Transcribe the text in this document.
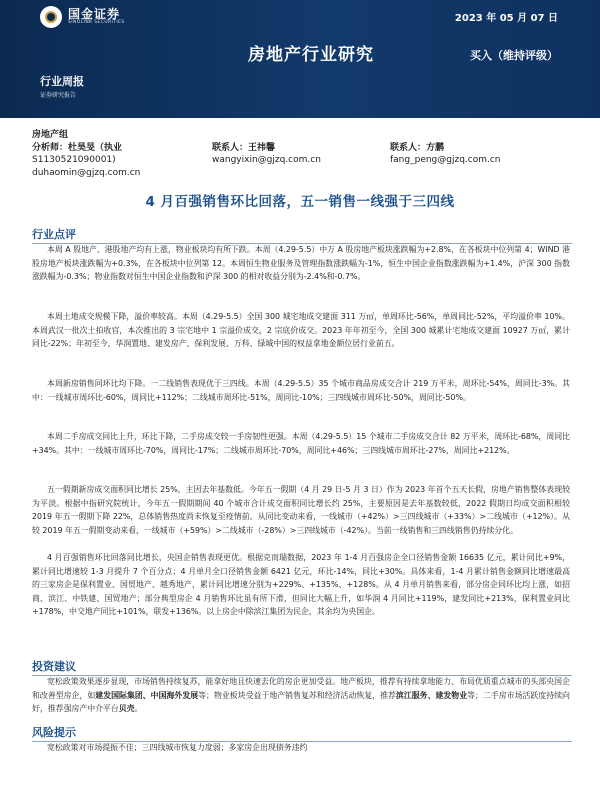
国金证券
SINOLINK SECURITIES	2023 年 05 月 07 日
房地产行业研究	买入（维持评级）
行业周报
证券研究报告
房地产组
分析师：杜昊旻（执业	联系人：王祎馨	联系人：方鹏
S1130521090001)	wangyixin@gjzq.com.cn	fang_peng@gjzq.com.cn
duhaomin@gjzq.com.cn
4 月百强销售环比回落，五一销售一线强于三四线
行业点评

本周 A 股地产、港股地产均有上涨，物业板块均有所下跌。本周（4.29-5.5）中万 A 股房地产板块涨跌幅为+2.8%，在各板块中位列第 4；WIND 港股房地产板块涨跌幅为+0.3%，在各板块中位列第 12。本周恒生物业服务及管理指数涨跌幅为-1%，恒生中国企业指数涨跌幅为+1.4%，沪深 300 指数涨跌幅为-0.3%；物业指数对恒生中国企业指数和沪深 300 的相对收益分别为-2.4%和-0.7%。

本周土地成交规模下降，溢价率较高。本周（4.29-5.5）全国 300 城宅地成交建面 311 万㎡，单周环比-56%，单周同比-52%，平均溢价率 10%。本周武汉一批次土拍收官，本次推出的 3 宗宅地中 1 宗溢价成交，2 宗底价成交。2023 年年初至今，全国 300 城累计宅地成交建面 10927 万㎡，累计同比-22%；年初至今，华润置地、建发房产、保利发展、万科、绿城中国的权益拿地金额位居行业前五。

本周新房销售同环比均下降。一二线销售表现优于三四线。本周（4.29-5.5）35 个城市商品房成交合计 219 万平米，周环比-54%，周同比-3%。其中：一线城市周环比-60%，周同比+112%；二线城市周环比-51%，周同比-10%；三四线城市周环比-50%，周同比-50%。

本周二手房成交同比上升，环比下降，二手房成交较一手房韧性更强。本周（4.29-5.5）15 个城市二手房成交合计 82 万平米，周环比-68%，周同比+34%。其中：一线城市周环比-70%，周同比-17%；二线城市周环比-70%，周同比+46%；三四线城市周环比-27%，周同比+212%。

五一假期新房成交面积同比增长 25%，主因去年基数低。今年五一假期（4 月 29 日-5 月 3 日）作为 2023 年首个五天长假，房地产销售整体表现较为平淡。根据中指研究院统计，今年五一假期期间 40 个城市合计成交面积同比增长约 25%，主要原因是去年基数较低，2022 假期日均成交面积相较 2019 年五一假期下降 22%，总体销售热度尚未恢复至疫情前。从同比变动来看，一线城市（+42%）>三四线城市（+33%）>二线城市（+12%）。从较 2019 年五一假期变动来看，一线城市（+59%）>二线城市（-28%）>三四线城市（-42%）。当前一线销售和三四线销售仍持续分化。

4 月百强销售环比回落同比增长，央国企销售表现更优。根据克而瑞数据，2023 年 1-4 月百强房企全口径销售金额 16635 亿元，累计同比+9%，累计同比增速较 1-3 月提升 7 个百分点；4 月单月全口径销售金额 6421 亿元，环比-14%，同比+30%。具体来看，1-4 月累计销售金额同比增速最高的三家房企是保利置业、国贸地产、越秀地产，累计同比增速分别为+229%、+135%、+128%。从 4 月单月销售来看，部分房企同环比均上涨，如招商、滨江、中铁建、国贸地产；部分典型房企 4 月销售环比虽有所下滑，但同比大幅上升，如华润 4 月同比+119%，建发同比+213%，保利置业同比+178%，中交地产同比+101%，联发+136%。以上房企中除滨江集团为民企，其余均为央国企。

投资建议

宽松政策效果逐步显现，市场销售持续复苏，能拿好地且快速去化的房企更加受益。地产板块，推荐有持续拿地能力、布局优质重点城市的头部央国企和改善型房企，如建发国际集团、中国海外发展等；物业板块受益于地产销售复苏和经济活动恢复，推荐滨江服务、建发物业等；二手房市场活跃度持续向好，推荐强房产中介平台贝壳。

风险提示

宽松政策对市场提振不佳；三四线城市恢复力度弱；多家房企出现债务违约
